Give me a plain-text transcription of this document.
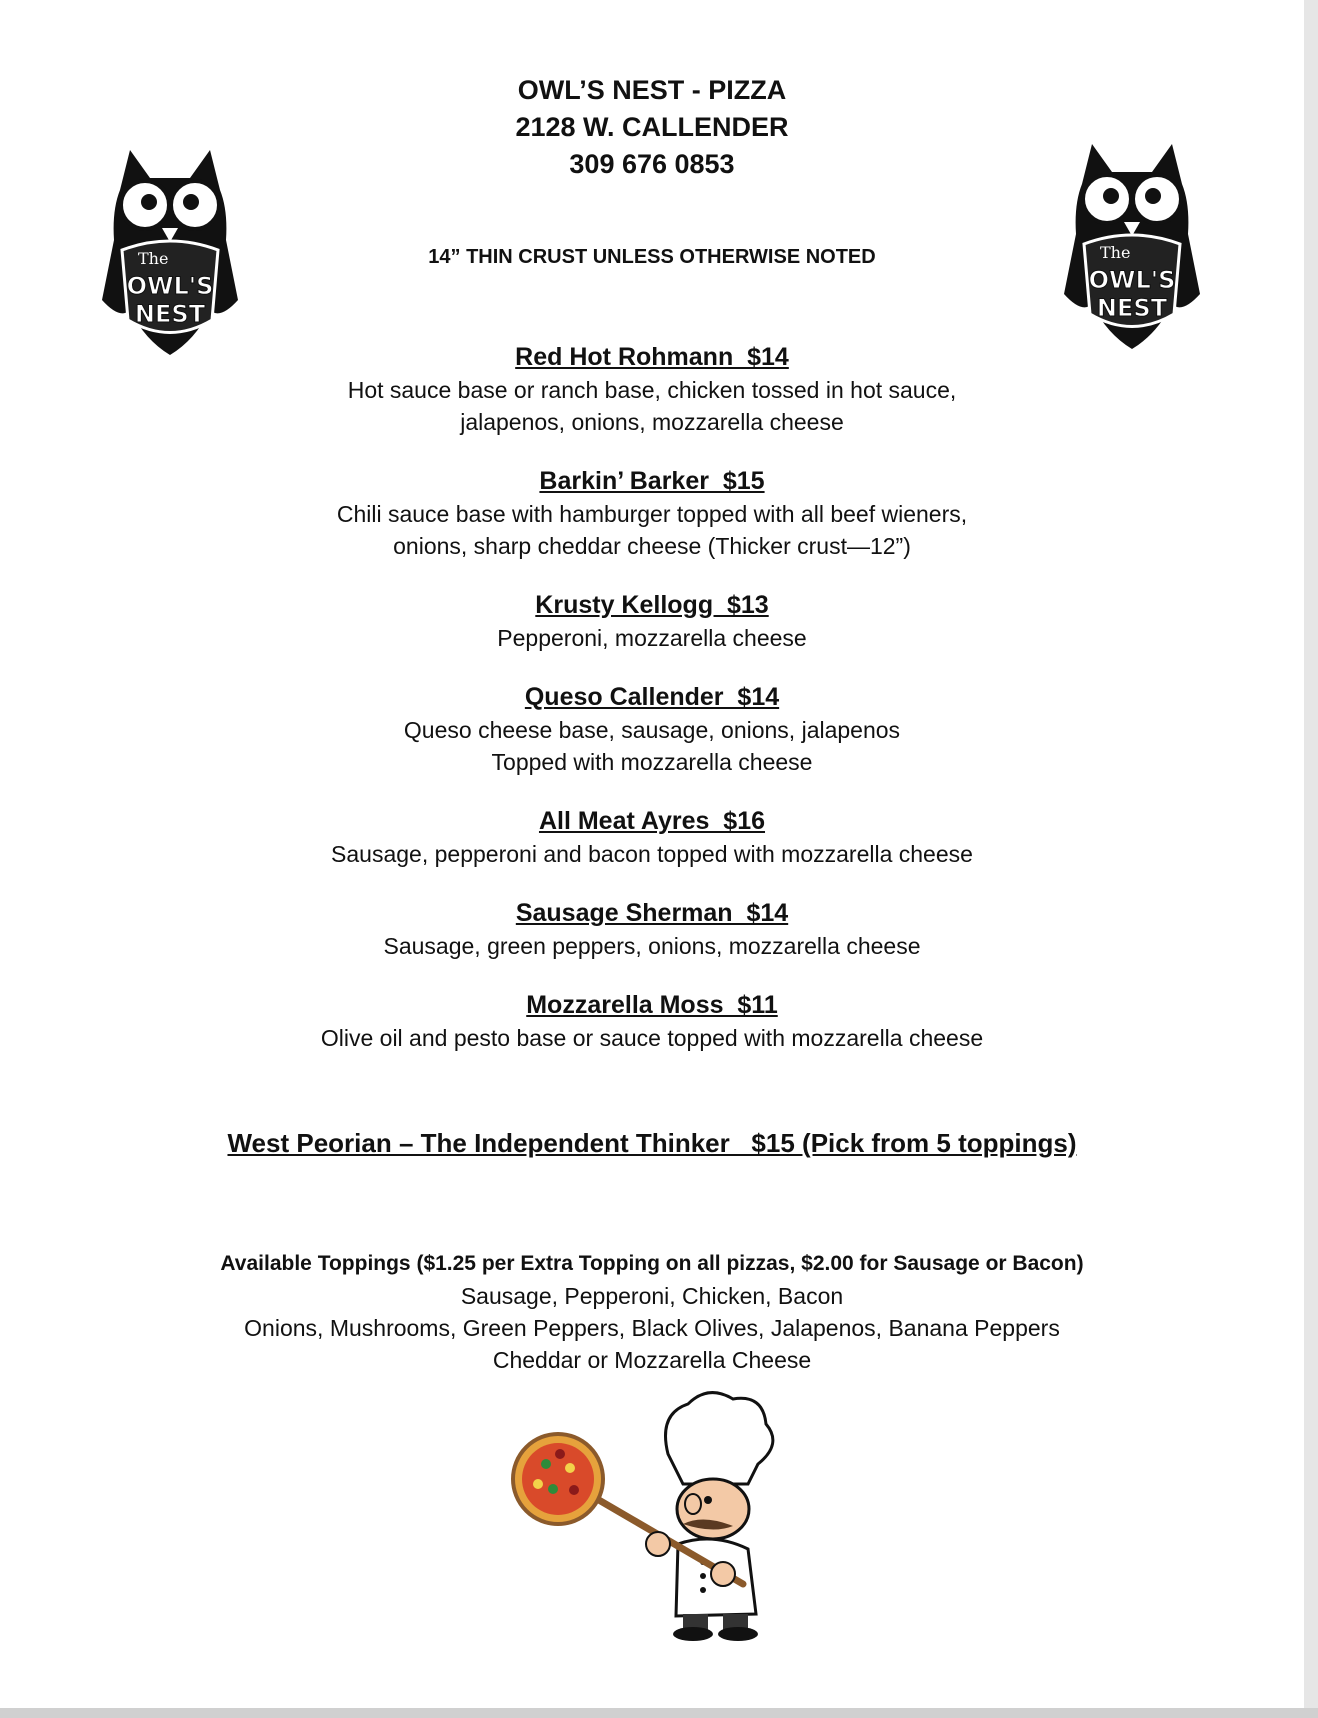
OWL’S NEST - PIZZA
2128 W. CALLENDER
309 676 0853
14” THIN CRUST UNLESS OTHERWISE NOTED
The
OWL'S
NEST
The
OWL'S
NEST
Red Hot Rohmann  $14
Hot sauce base or ranch base, chicken tossed in hot sauce,
jalapenos, onions, mozzarella cheese
Barkin’ Barker  $15
Chili sauce base with hamburger topped with all beef wieners,
onions, sharp cheddar cheese (Thicker crust—12”)
Krusty Kellogg  $13
Pepperoni, mozzarella cheese
Queso Callender  $14
Queso cheese base, sausage, onions, jalapenos
Topped with mozzarella cheese
All Meat Ayres  $16
Sausage, pepperoni and bacon topped with mozzarella cheese
Sausage Sherman  $14
Sausage, green peppers, onions, mozzarella cheese
Mozzarella Moss  $11
Olive oil and pesto base or sauce topped with mozzarella cheese
West Peorian – The Independent Thinker   $15 (Pick from 5 toppings)
Available Toppings ($1.25 per Extra Topping on all pizzas, $2.00 for Sausage or Bacon)
Sausage, Pepperoni, Chicken, Bacon
Onions, Mushrooms, Green Peppers, Black Olives, Jalapenos, Banana Peppers
Cheddar or Mozzarella Cheese
